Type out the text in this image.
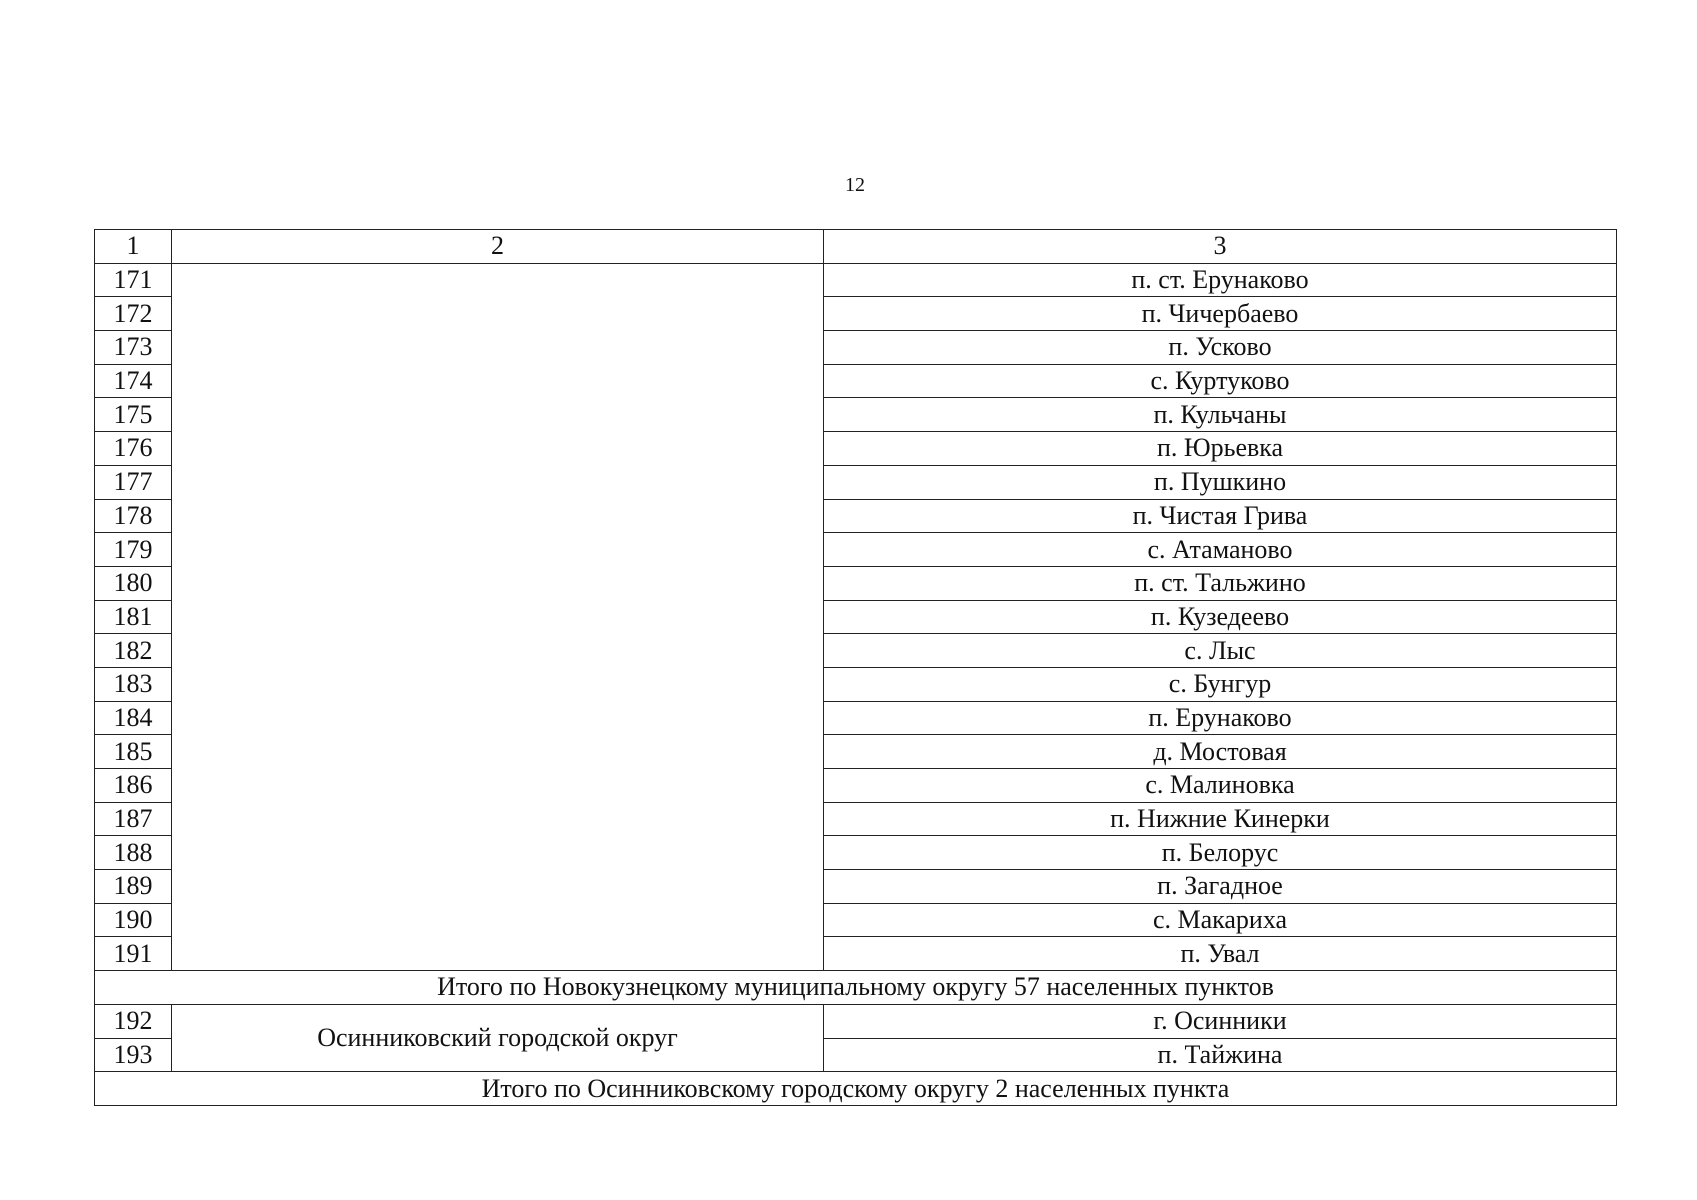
12
1	2	3
171		п. ст. Ерунаково
172		п. Чичербаево
173		п. Усково
174		с. Куртуково
175		п. Кульчаны
176		п. Юрьевка
177		п. Пушкино
178		п. Чистая Грива
179		с. Атаманово
180		п. ст. Тальжино
181		п. Кузедеево
182		с. Лыс
183		с. Бунгур
184		п. Ерунаково
185		д. Мостовая
186		с. Малиновка
187		п. Нижние Кинерки
188		п. Белорус
189		п. Загадное
190		с. Макариха
191		п. Увал
Итого по Новокузнецкому муниципальному округу 57 населенных пунктов		
192	Осинниковский городской округ	г. Осинники
193		п. Тайжина
Итого по Осинниковскому городскому округу 2 населенных пункта		
